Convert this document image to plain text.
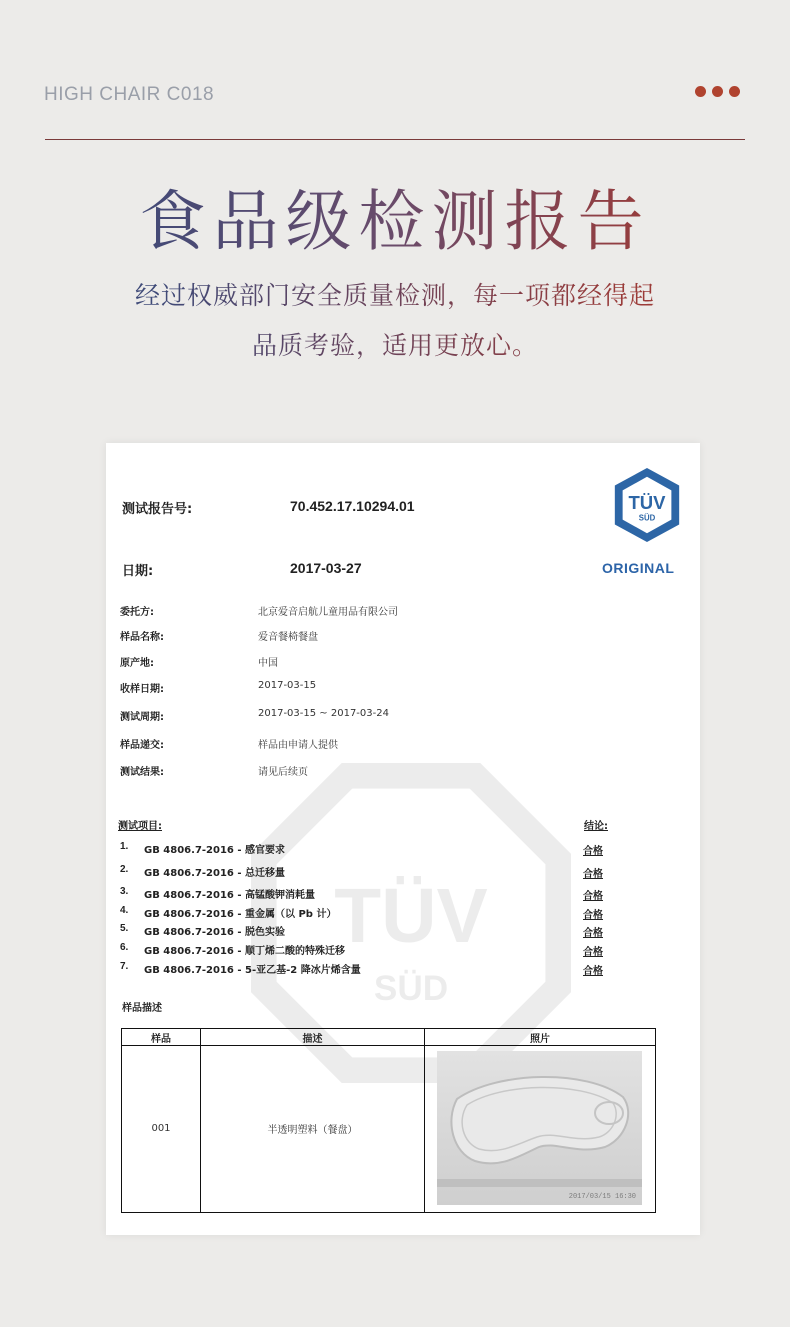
HIGH CHAIR C018
食品级检测报告
经过权威部门安全质量检测，每一项都经得起
品质考验，适用更放心。
TÜV
SÜD
TÜV
SÜD
ORIGINAL
测试报告号:	70.452.17.10294.01
日期:	2017-03-27
委托方:	北京爱音启航儿童用品有限公司
样品名称:	爱音餐椅餐盘
原产地:	中国
收样日期:	2017-03-15
测试周期:	2017-03-15 ~ 2017-03-24
样品递交:	样品由申请人提供
测试结果:	请见后续页
测试项目:	结论:
1. GB 4806.7-2016 - 感官要求	合格
2. GB 4806.7-2016 - 总迁移量	合格
3. GB 4806.7-2016 - 高锰酸钾消耗量	合格
4. GB 4806.7-2016 - 重金属（以 Pb 计）	合格
5. GB 4806.7-2016 - 脱色实验	合格
6. GB 4806.7-2016 - 顺丁烯二酸的特殊迁移	合格
7. GB 4806.7-2016 - 5-亚乙基-2 降冰片烯含量	合格
样品描述
样品	描述	照片
001	半透明塑料（餐盘）
2017/03/15 16:30
